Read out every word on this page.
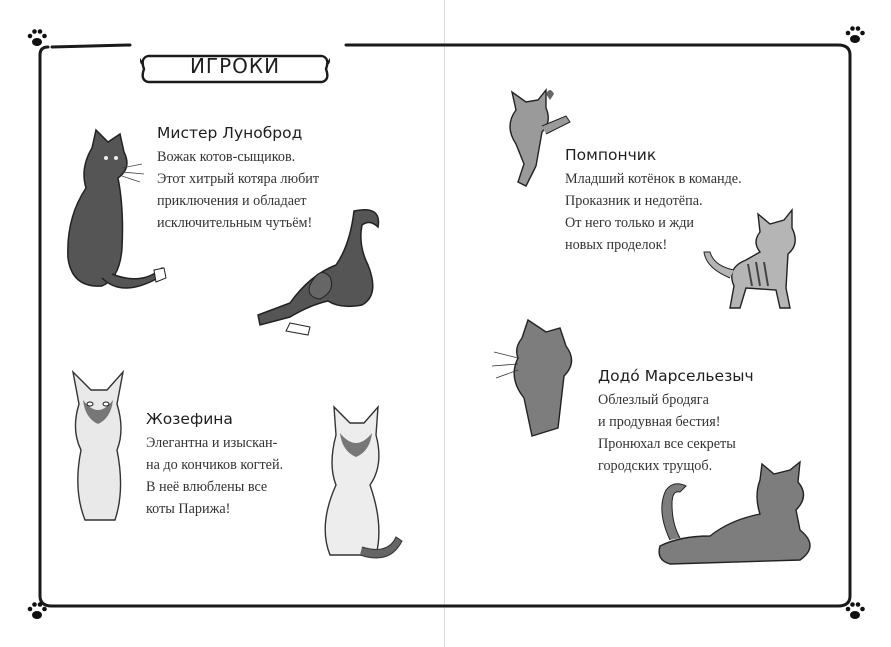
ИГРОКИ
Мистер Луноброд
Вожак котов-сыщиков.
Этот хитрый котяра любит
приключения и обладает
исключительным чутьём!
Жозефина
Элегантна и изыскан-
на до кончиков когтей.
В неё влюблены все
коты Парижа!
Помпончик
Младший котёнок в команде.
Проказник и недотёпа.
От него только и жди
новых проделок!
Додо́ Марсельезыч
Облезлый бродяга
и продувная бестия!
Пронюхал все секреты
городских трущоб.
